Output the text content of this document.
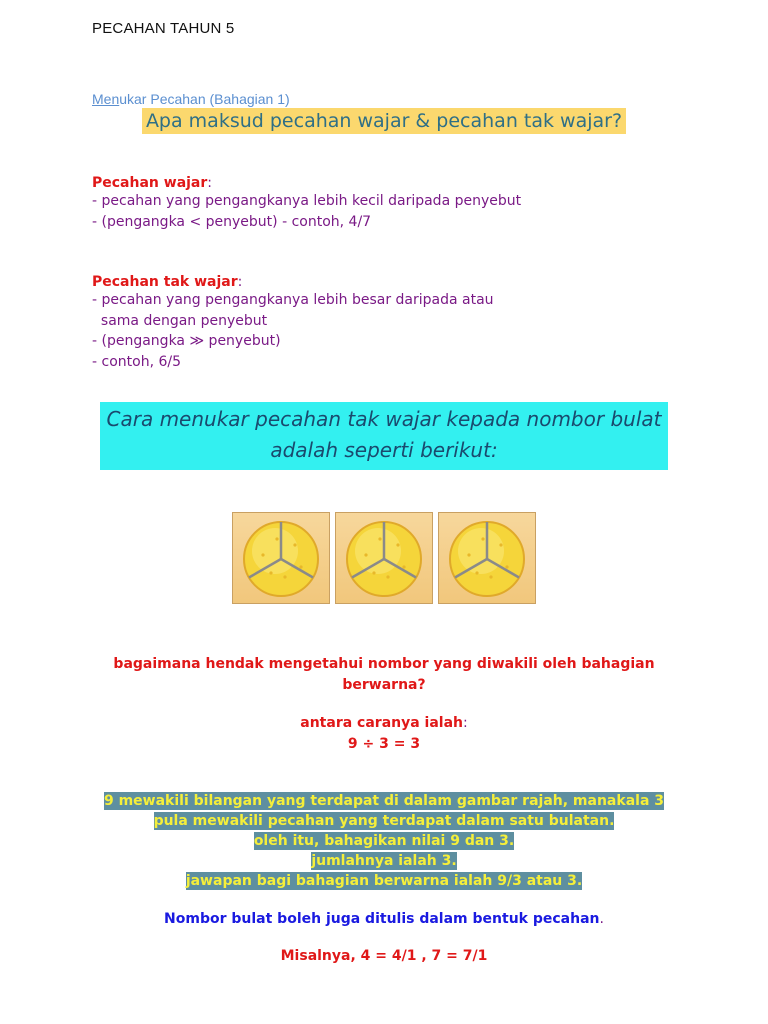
PECAHAN TAHUN 5
Menukar Pecahan (Bahagian 1)
Apa maksud pecahan wajar & pecahan tak wajar?
Pecahan wajar:
- pecahan yang pengangkanya lebih kecil daripada penyebut
- (pengangka < penyebut) - contoh, 4/7
Pecahan tak wajar:
- pecahan yang pengangkanya lebih besar daripada atau
sama dengan penyebut
- (pengangka ≫ penyebut)
- contoh, 6/5
Cara menukar pecahan tak wajar kepada nombor bulat
adalah seperti berikut:
bagaimana hendak mengetahui nombor yang diwakili oleh bahagian
berwarna?
antara caranya ialah:
9 ÷ 3 = 3
9 mewakili bilangan yang terdapat di dalam gambar rajah, manakala 3
pula mewakili pecahan yang terdapat dalam satu bulatan.
oleh itu, bahagikan nilai 9 dan 3.
jumlahnya ialah 3.
jawapan bagi bahagian berwarna ialah 9/3 atau 3.
Nombor bulat boleh juga ditulis dalam bentuk pecahan.
Misalnya, 4 = 4/1 , 7 = 7/1
